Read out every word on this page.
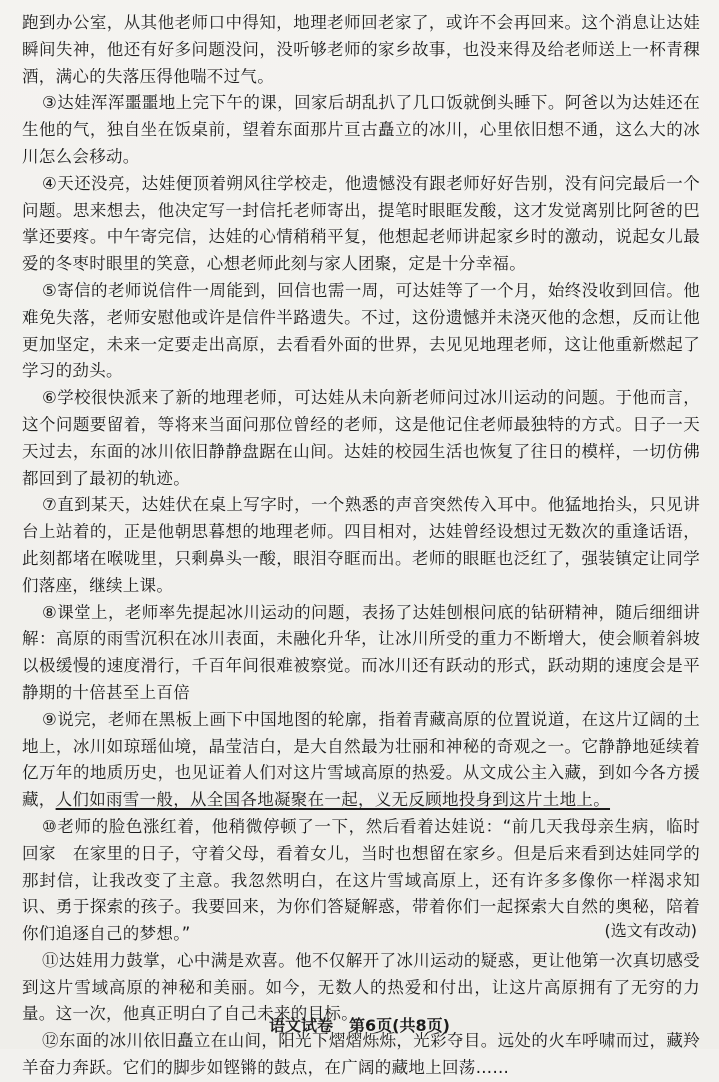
跑到办公室，从其他老师口中得知，地理老师回老家了，或许不会再回来。这个消息让达娃瞬间失神，他还有好多问题没问，没听够老师的家乡故事，也没来得及给老师送上一杯青稞酒，满心的失落压得他喘不过气。

③达娃浑浑噩噩地上完下午的课，回家后胡乱扒了几口饭就倒头睡下。阿爸以为达娃还在生他的气，独自坐在饭桌前，望着东面那片亘古矗立的冰川，心里依旧想不通，这么大的冰川怎么会移动。

④天还没亮，达娃便顶着朔风往学校走，他遗憾没有跟老师好好告别，没有问完最后一个问题。思来想去，他决定写一封信托老师寄出，提笔时眼眶发酸，这才发觉离别比阿爸的巴掌还要疼。中午寄完信，达娃的心情稍稍平复，他想起老师讲起家乡时的激动，说起女儿最爱的冬枣时眼里的笑意，心想老师此刻与家人团聚，定是十分幸福。

⑤寄信的老师说信件一周能到，回信也需一周，可达娃等了一个月，始终没收到回信。他难免失落，老师安慰他或许是信件半路遗失。不过，这份遗憾并未浇灭他的念想，反而让他更加坚定，未来一定要走出高原，去看看外面的世界，去见见地理老师，这让他重新燃起了学习的劲头。

⑥学校很快派来了新的地理老师，可达娃从未向新老师问过冰川运动的问题。于他而言，这个问题要留着，等将来当面问那位曾经的老师，这是他记住老师最独特的方式。日子一天天过去，东面的冰川依旧静静盘踞在山间。达娃的校园生活也恢复了往日的模样，一切仿佛都回到了最初的轨迹。

⑦直到某天，达娃伏在桌上写字时，一个熟悉的声音突然传入耳中。他猛地抬头，只见讲台上站着的，正是他朝思暮想的地理老师。四目相对，达娃曾经设想过无数次的重逢话语，此刻都堵在喉咙里，只剩鼻头一酸，眼泪夺眶而出。老师的眼眶也泛红了，强装镇定让同学们落座，继续上课。

⑧课堂上，老师率先提起冰川运动的问题，表扬了达娃刨根问底的钻研精神，随后细细讲解：高原的雨雪沉积在冰川表面，未融化升华，让冰川所受的重力不断增大，使会顺着斜坡以极缓慢的速度滑行，千百年间很难被察觉。而冰川还有跃动的形式，跃动期的速度会是平静期的十倍甚至上百倍

⑨说完，老师在黑板上画下中国地图的轮廓，指着青藏高原的位置说道，在这片辽阔的土地上，冰川如琼瑶仙境，晶莹洁白，是大自然最为壮丽和神秘的奇观之一。它静静地延续着亿万年的地质历史，也见证着人们对这片雪域高原的热爱。从文成公主入藏，到如今各方援藏，人们如雨雪一般，从全国各地凝聚在一起，义无反顾地投身到这片土地上。

⑩老师的脸色涨红着，他稍微停顿了一下，然后看着达娃说：“前几天我母亲生病，临时回家　在家里的日子，守着父母，看着女儿，当时也想留在家乡。但是后来看到达娃同学的那封信，让我改变了主意。我忽然明白，在这片雪域高原上，还有许多多像你一样渴求知识、勇于探索的孩子。我要回来，为你们答疑解惑，带着你们一起探索大自然的奥秘，陪着你们追逐自己的梦想。”

⑪达娃用力鼓掌，心中满是欢喜。他不仅解开了冰川运动的疑惑，更让他第一次真切感受到这片雪域高原的神秘和美丽。如今，无数人的热爱和付出，让这片高原拥有了无穷的力量。这一次，他真正明白了自己未来的目标。

⑫东面的冰川依旧矗立在山间，阳光下熠熠烁烁，光彩夺目。远处的火车呼啸而过，藏羚羊奋力奔跃。它们的脚步如铿锵的鼓点，在广阔的藏地上回荡……

(选文有改动)
语文试卷　第6页(共8页)
